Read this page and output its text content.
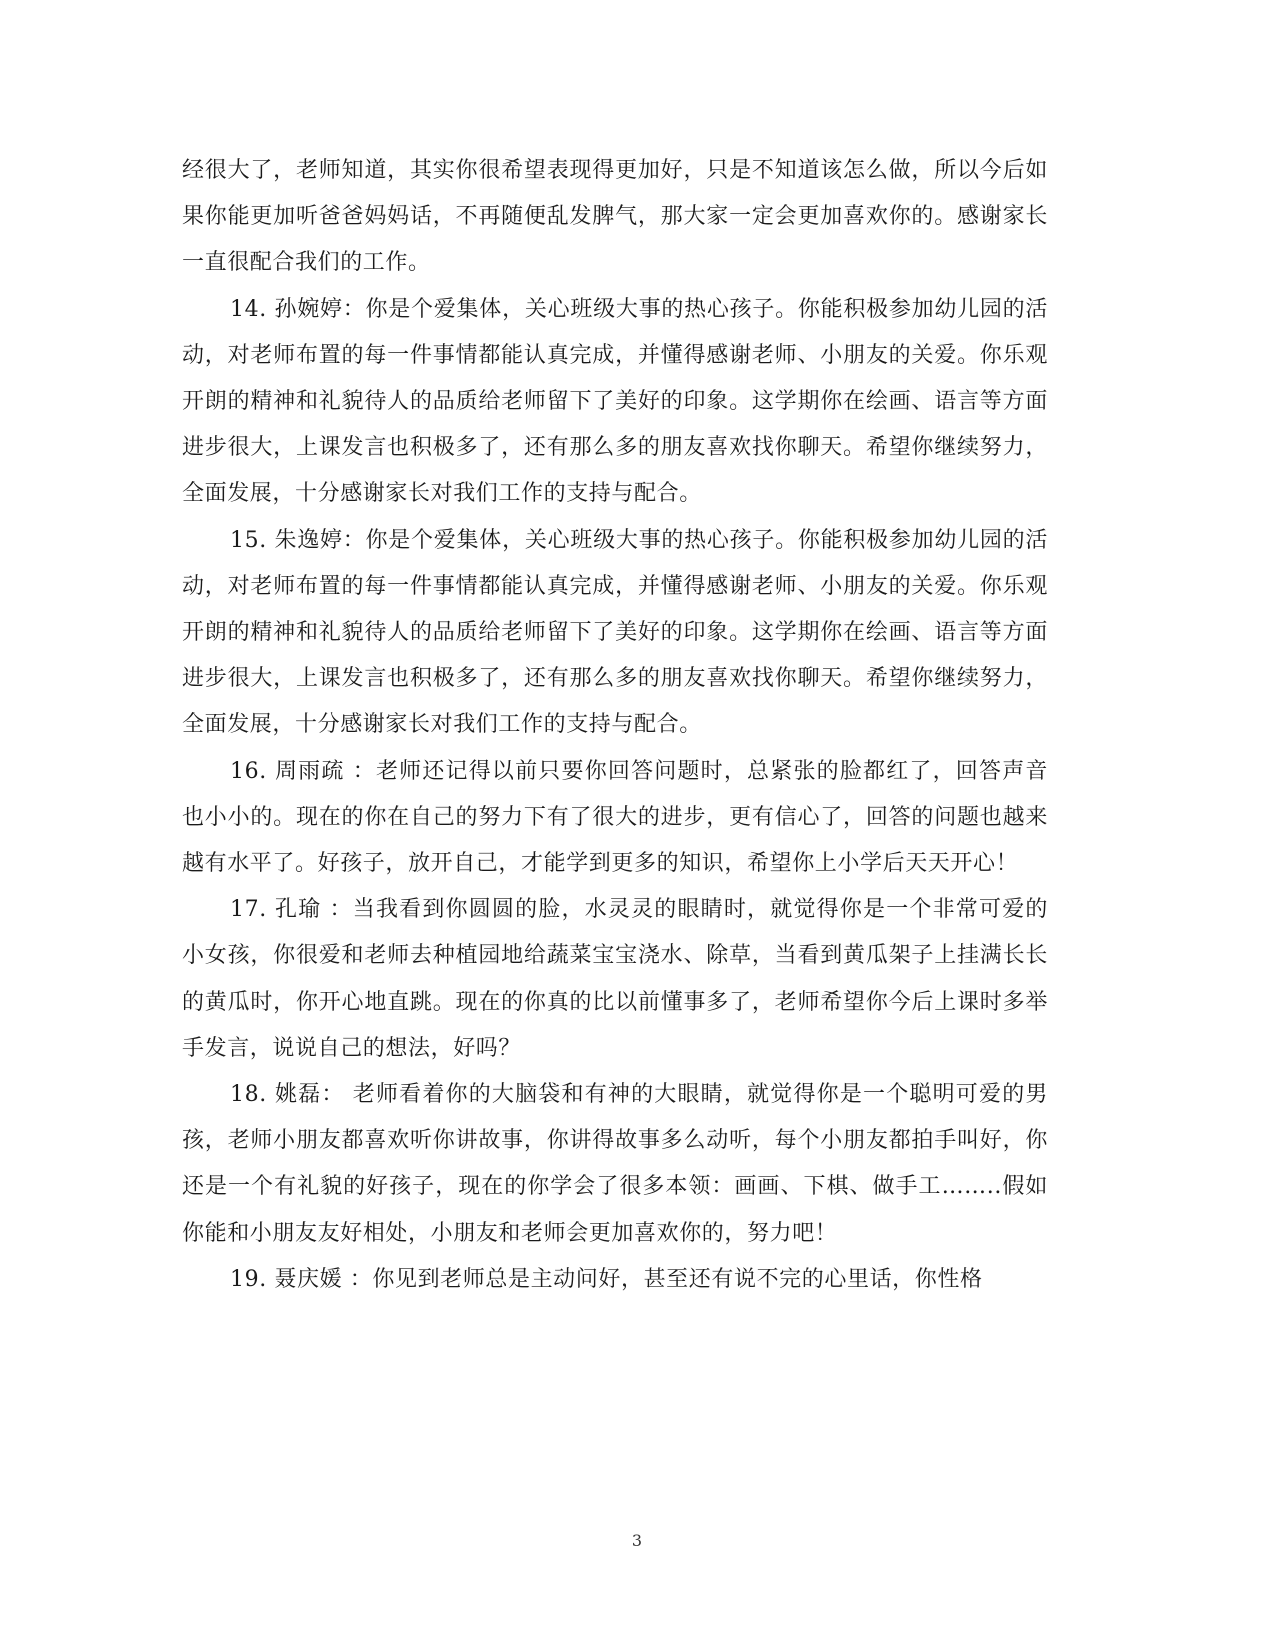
经很大了，老师知道，其实你很希望表现得更加好，只是不知道该怎么做，所以今后如果你能更加听爸爸妈妈话，不再随便乱发脾气，那大家一定会更加喜欢你的。感谢家长一直很配合我们的工作。

14. 孙婉婷：你是个爱集体，关心班级大事的热心孩子。你能积极参加幼儿园的活动，对老师布置的每一件事情都能认真完成，并懂得感谢老师、小朋友的关爱。你乐观开朗的精神和礼貌待人的品质给老师留下了美好的印象。这学期你在绘画、语言等方面进步很大，上课发言也积极多了，还有那么多的朋友喜欢找你聊天。希望你继续努力，全面发展，十分感谢家长对我们工作的支持与配合。

15. 朱逸婷：你是个爱集体，关心班级大事的热心孩子。你能积极参加幼儿园的活动，对老师布置的每一件事情都能认真完成，并懂得感谢老师、小朋友的关爱。你乐观开朗的精神和礼貌待人的品质给老师留下了美好的印象。这学期你在绘画、语言等方面进步很大，上课发言也积极多了，还有那么多的朋友喜欢找你聊天。希望你继续努力，全面发展，十分感谢家长对我们工作的支持与配合。

16. 周雨疏 ：老师还记得以前只要你回答问题时，总紧张的脸都红了，回答声音也小小的。现在的你在自己的努力下有了很大的进步，更有信心了，回答的问题也越来越有水平了。好孩子，放开自己，才能学到更多的知识，希望你上小学后天天开心！

17. 孔瑜 ：当我看到你圆圆的脸，水灵灵的眼睛时，就觉得你是一个非常可爱的小女孩，你很爱和老师去种植园地给蔬菜宝宝浇水、除草，当看到黄瓜架子上挂满长长的黄瓜时，你开心地直跳。现在的你真的比以前懂事多了，老师希望你今后上课时多举手发言，说说自己的想法，好吗？

18. 姚磊： 老师看着你的大脑袋和有神的大眼睛，就觉得你是一个聪明可爱的男孩，老师小朋友都喜欢听你讲故事，你讲得故事多么动听，每个小朋友都拍手叫好，你还是一个有礼貌的好孩子，现在的你学会了很多本领：画画、下棋、做手工……..假如你能和小朋友友好相处，小朋友和老师会更加喜欢你的，努力吧！

19. 聂庆媛 ：你见到老师总是主动问好，甚至还有说不完的心里话，你性格

3
